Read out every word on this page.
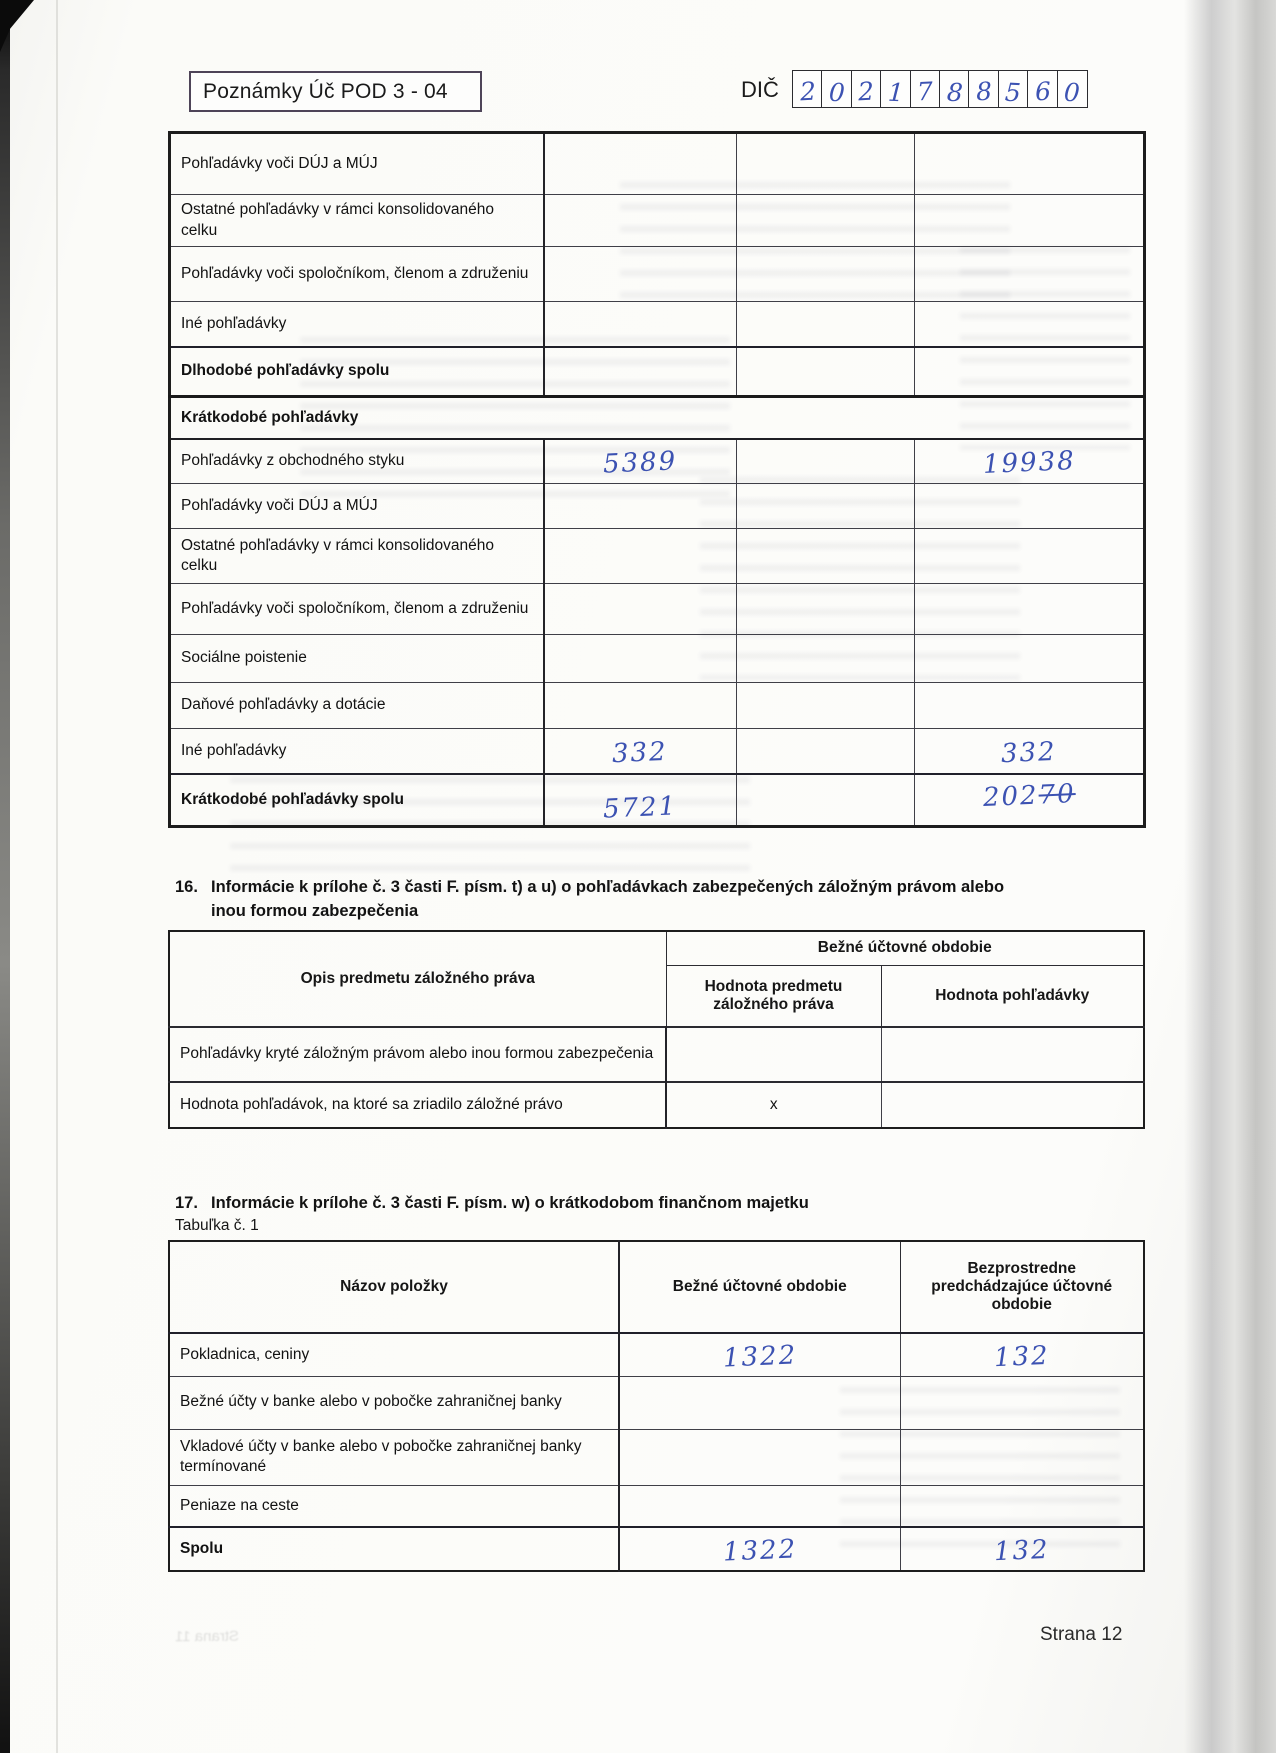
Strana 11
Poznámky Úč POD 3 - 04	DIČ 2 0 2 1 7 8 8 5 6 0
Pohľadávky voči DÚJ a MÚJ			
Ostatné pohľadávky v rámci konsolidovaného celku			
Pohľadávky voči spoločníkom, členom a združeniu			
Iné pohľadávky			
Dlhodobé pohľadávky spolu			
Krátkodobé pohľadávky			
Pohľadávky z obchodného styku	5389		19938
Pohľadávky voči DÚJ a MÚJ			
Ostatné pohľadávky v rámci konsolidovaného celku			
Pohľadávky voči spoločníkom, členom a združeniu			
Sociálne poistenie			
Daňové pohľadávky a dotácie			
Iné pohľadávky	332		332
Krátkodobé pohľadávky spolu	5721		20270
16. Informácie k prílohe č. 3 časti F. písm. t) a u) o pohľadávkach zabezpečených záložným právom alebo inou formou zabezpečenia
Opis predmetu záložného práva	Bežné účtovné obdobie	
	Hodnota predmetu záložného práva	Hodnota pohľadávky
Pohľadávky kryté záložným právom alebo inou formou zabezpečenia		
Hodnota pohľadávok, na ktoré sa zriadilo záložné právo	x	
17. Informácie k prílohe č. 3 časti F. písm. w) o krátkodobom finančnom majetku
Tabuľka č. 1
Názov položky	Bežné účtovné obdobie	Bezprostredne predchádzajúce účtovné obdobie
Pokladnica, ceniny	1322	132
Bežné účty v banke alebo v pobočke zahraničnej banky		
Vkladové účty v banke alebo v pobočke zahraničnej banky termínované		
Peniaze na ceste		
Spolu	1322	132
Strana 12
